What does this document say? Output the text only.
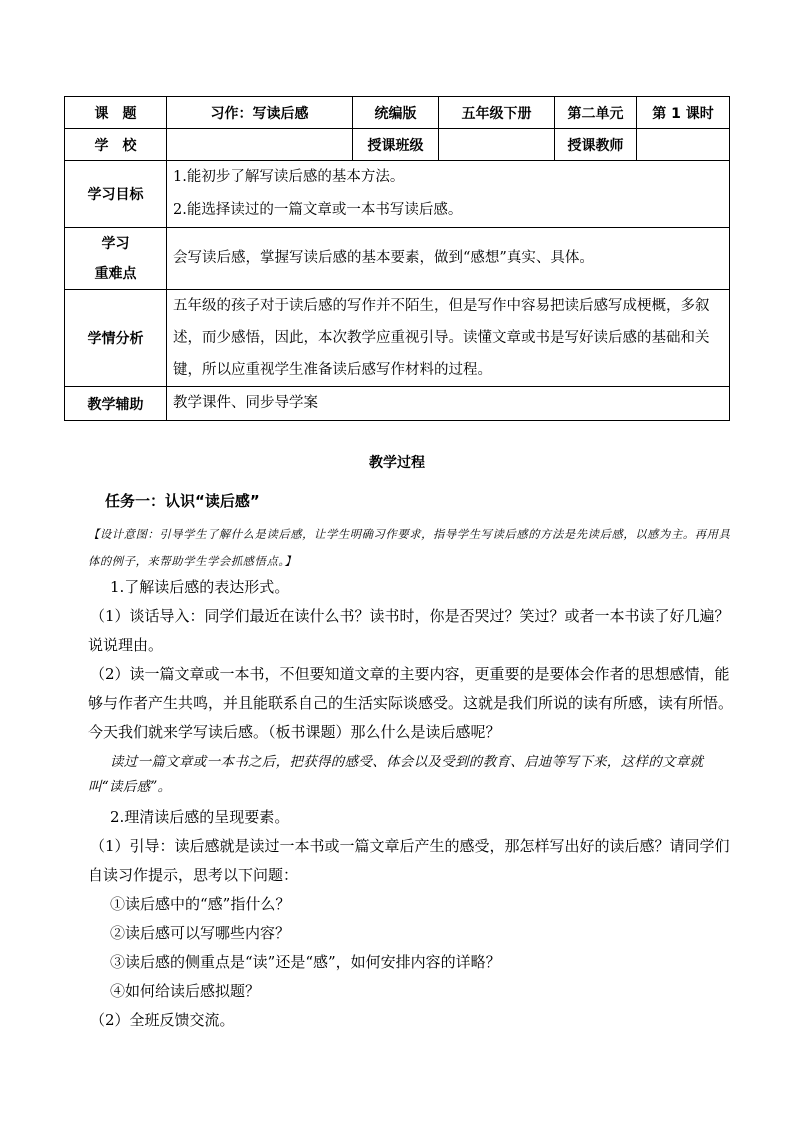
课　题	习作：写读后感	统编版	五年级下册	第二单元	第 1 课时
学　校		授课班级		授课教师	
学习目标	1.能初步了解写读后感的基本方法。
2.能选择读过的一篇文章或一本书写读后感。				

学习
重难点	会写读后感，掌握写读后感的基本要素，做到“感想”真实、具体。				
学情分析	五年级的孩子对于读后感的写作并不陌生，但是写作中容易把读后感写成梗概，多叙述，而少感悟，因此，本次教学应重视引导。读懂文章或书是写好读后感的基础和关键，所以应重视学生准备读后感写作材料的过程。				
教学辅助	教学课件、同步导学案				
教学过程
任务一：认识“读后感”
【设计意图：引导学生了解什么是读后感，让学生明确习作要求，指导学生写读后感的方法是先读后感，以感为主。再用具体的例子，来帮助学生学会抓感悟点。】

1.了解读后感的表达形式。

（1）谈话导入：同学们最近在读什么书？读书时，你是否哭过？笑过？或者一本书读了好几遍？说说理由。

（2）读一篇文章或一本书，不但要知道文章的主要内容，更重要的是要体会作者的思想感情，能够与作者产生共鸣，并且能联系自己的生活实际谈感受。这就是我们所说的读有所感，读有所悟。今天我们就来学写读后感。（板书课题）那么什么是读后感呢？

读过一篇文章或一本书之后，把获得的感受、体会以及受到的教育、启迪等写下来，这样的文章就叫“读后感”。

2.理清读后感的呈现要素。

（1）引导：读后感就是读过一本书或一篇文章后产生的感受，那怎样写出好的读后感？请同学们自读习作提示，思考以下问题：

①读后感中的“感”指什么？

②读后感可以写哪些内容？

③读后感的侧重点是“读”还是“感”，如何安排内容的详略？

④如何给读后感拟题？

（2）全班反馈交流。
